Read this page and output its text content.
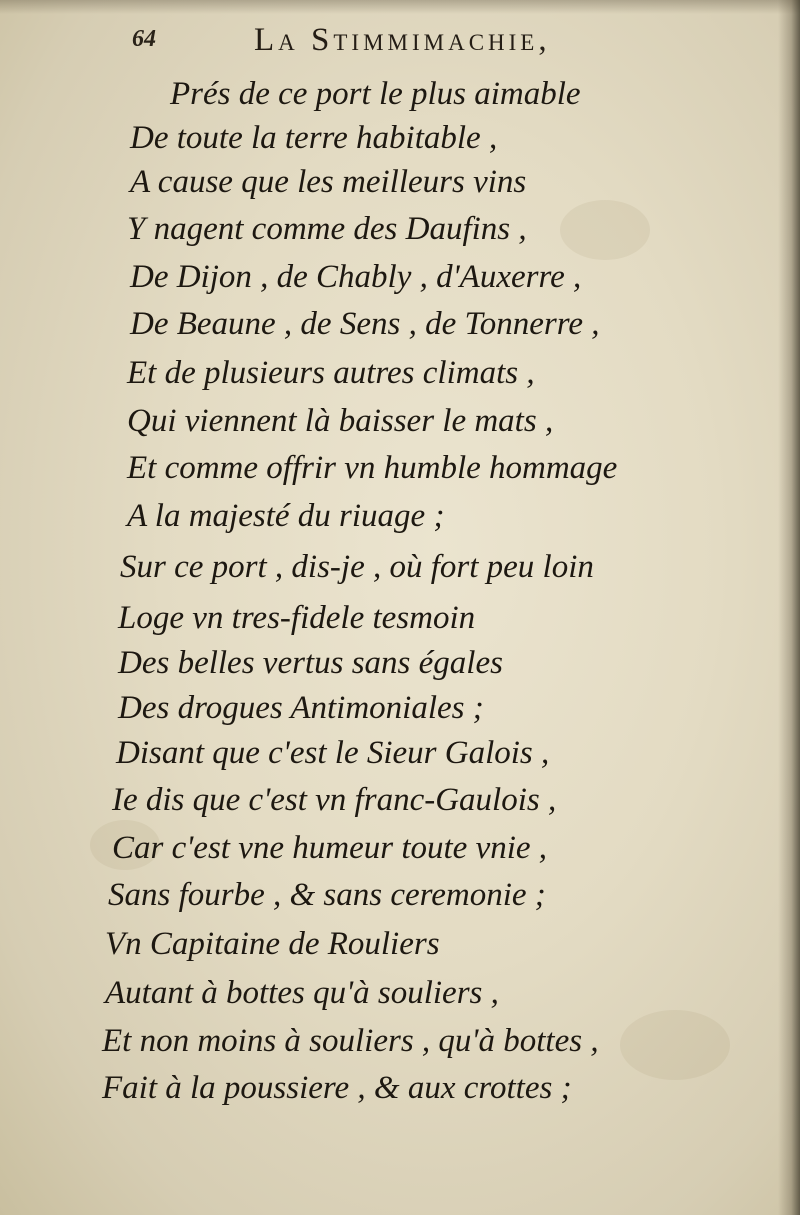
64	La Stimmimachie,
Prés de ce port le plus aimable
De toute la terre habitable ,
A cause que les meilleurs vins
Y nagent comme des Daufins ,
De Dijon , de Chably , d'Auxerre ,
De Beaune , de Sens , de Tonnerre ,
Et de plusieurs autres climats ,
Qui viennent là baisser le mats ,
Et comme offrir vn humble hommage
A la majesté du riuage ;
Sur ce port , dis-je , où fort peu loin
Loge vn tres-fidele tesmoin
Des belles vertus sans égales
Des drogues Antimoniales ;
Disant que c'est le Sieur Galois ,
Ie dis que c'est vn franc-Gaulois ,
Car c'est vne humeur toute vnie ,
Sans fourbe , & sans ceremonie ;
Vn Capitaine de Rouliers
Autant à bottes qu'à souliers ,
Et non moins à souliers , qu'à bottes ,
Fait à la poussiere , & aux crottes ;
